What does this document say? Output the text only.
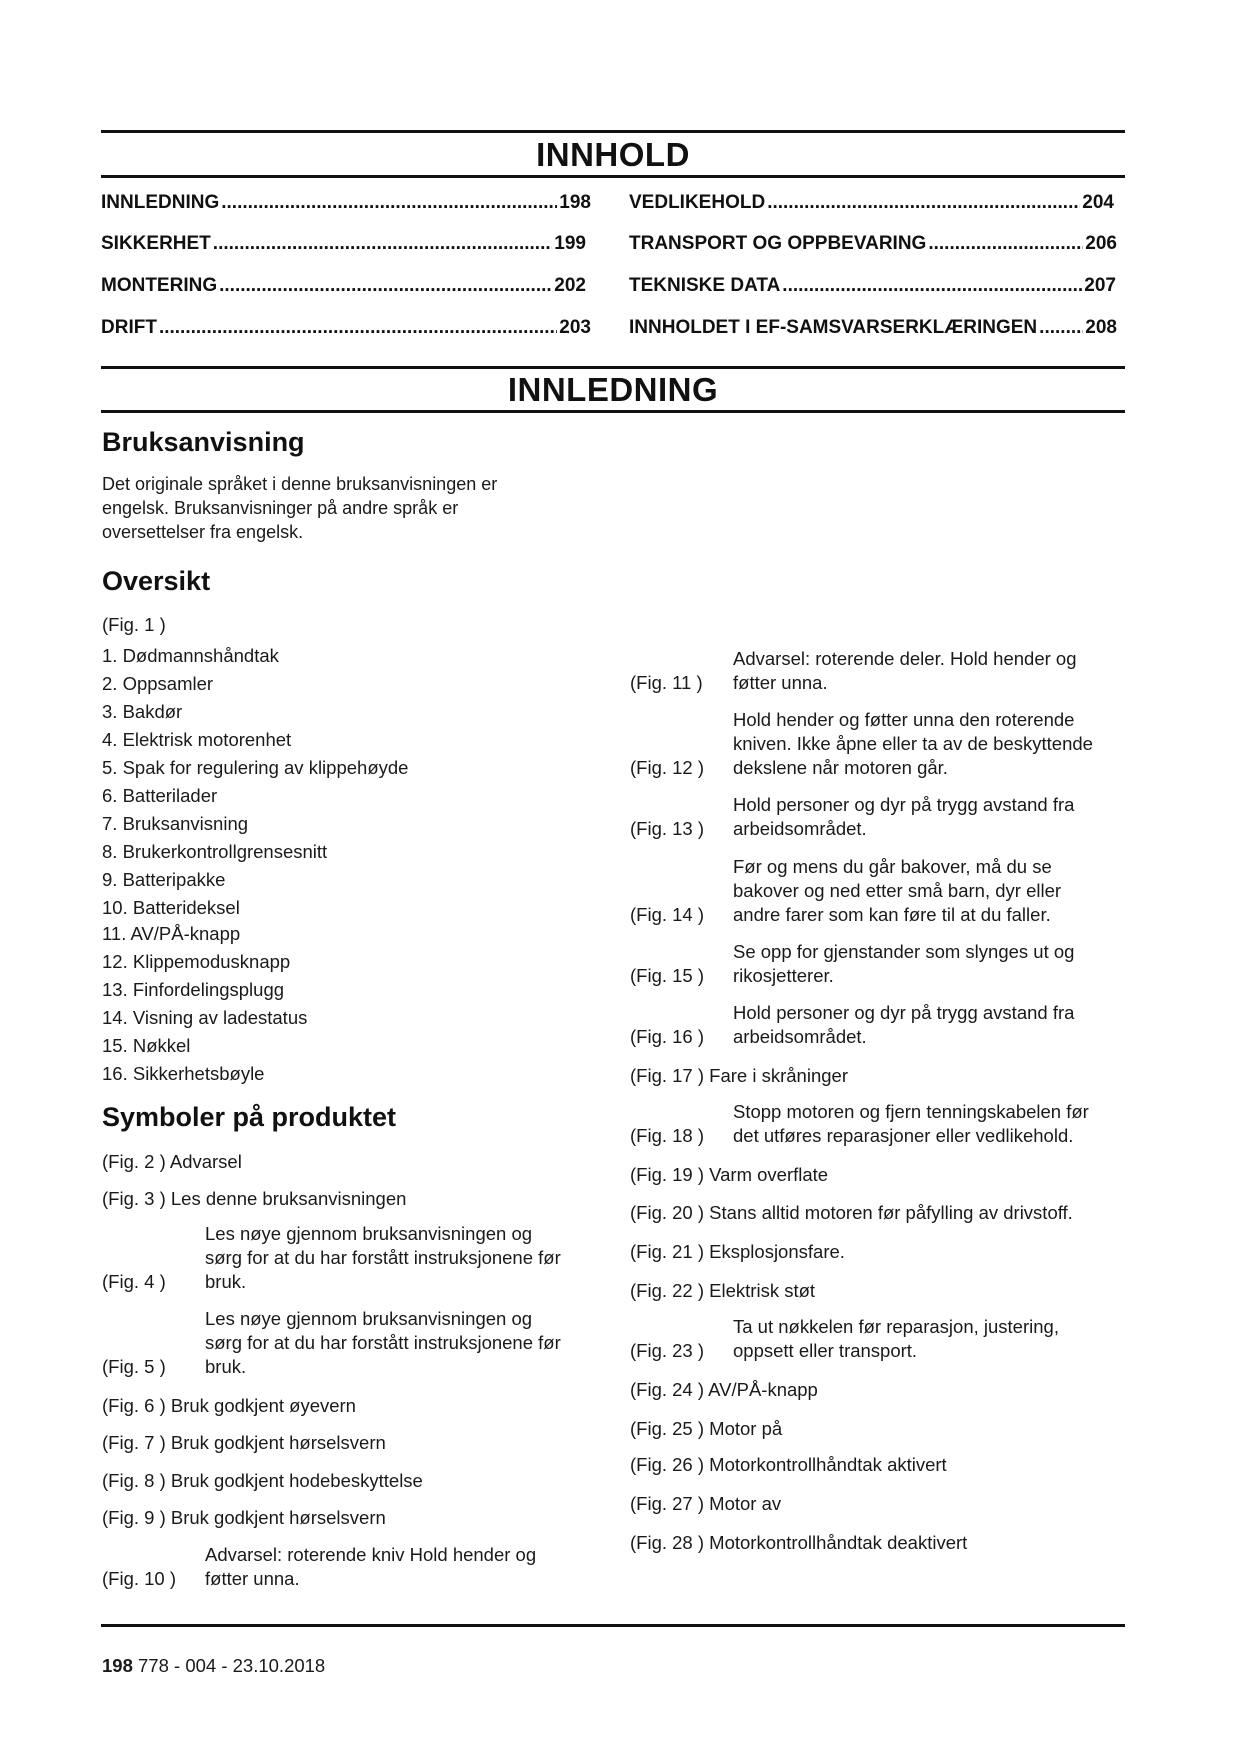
INNHOLD
INNLEDNING .....	198
SIKKERHET .....	199
MONTERING .....	202
DRIFT .....	203
VEDLIKEHOLD .....	204
TRANSPORT OG OPPBEVARING .....	206
TEKNISKE DATA .....	207
INNHOLDET I EF-SAMSVARSERKLÆRINGEN .....	208
INNLEDNING
Bruksanvisning
Det originale språket i denne bruksanvisningen er engelsk. Bruksanvisninger på andre språk er oversettelser fra engelsk.
Oversikt
(Fig. 1 )
1. Dødmannshåndtak
2. Oppsamler
3. Bakdør
4. Elektrisk motorenhet
5. Spak for regulering av klippehøyde
6. Batterilader
7. Bruksanvisning
8. Brukerkontrollgrensesnitt
9. Batteripakke
10. Batterideksel
11. AV/PÅ-knapp
12. Klippemodusknapp
13. Finfordelingsplugg
14. Visning av ladestatus
15. Nøkkel
16. Sikkerhetsbøyle
Symboler på produktet
(Fig. 2 ) Advarsel
(Fig. 3 ) Les denne bruksanvisningen
(Fig. 4 )
Les nøye gjennom bruksanvisningen og
sørg for at du har forstått instruksjonene før
bruk.
(Fig. 5 )
Les nøye gjennom bruksanvisningen og
sørg for at du har forstått instruksjonene før
bruk.
(Fig. 6 ) Bruk godkjent øyevern
(Fig. 7 ) Bruk godkjent hørselsvern
(Fig. 8 ) Bruk godkjent hodebeskyttelse
(Fig. 9 ) Bruk godkjent hørselsvern
(Fig. 10 )
Advarsel: roterende kniv Hold hender og
føtter unna.
(Fig. 11 )
Advarsel: roterende deler. Hold hender og
føtter unna.
(Fig. 12 )
Hold hender og føtter unna den roterende
kniven. Ikke åpne eller ta av de beskyttende
dekslene når motoren går.
(Fig. 13 )
Hold personer og dyr på trygg avstand fra
arbeidsområdet.
(Fig. 14 )
Før og mens du går bakover, må du se
bakover og ned etter små barn, dyr eller
andre farer som kan føre til at du faller.
(Fig. 15 )
Se opp for gjenstander som slynges ut og
rikosjetterer.
(Fig. 16 )
Hold personer og dyr på trygg avstand fra
arbeidsområdet.
(Fig. 17 ) Fare i skråninger
(Fig. 18 )
Stopp motoren og fjern tenningskabelen før
det utføres reparasjoner eller vedlikehold.
(Fig. 19 ) Varm overflate
(Fig. 20 ) Stans alltid motoren før påfylling av drivstoff.
(Fig. 21 ) Eksplosjonsfare.
(Fig. 22 ) Elektrisk støt
(Fig. 23 )
Ta ut nøkkelen før reparasjon, justering,
oppsett eller transport.
(Fig. 24 ) AV/PÅ-knapp
(Fig. 25 ) Motor på
(Fig. 26 ) Motorkontrollhåndtak aktivert
(Fig. 27 ) Motor av
(Fig. 28 ) Motorkontrollhåndtak deaktivert
198 778 - 004 - 23.10.2018
